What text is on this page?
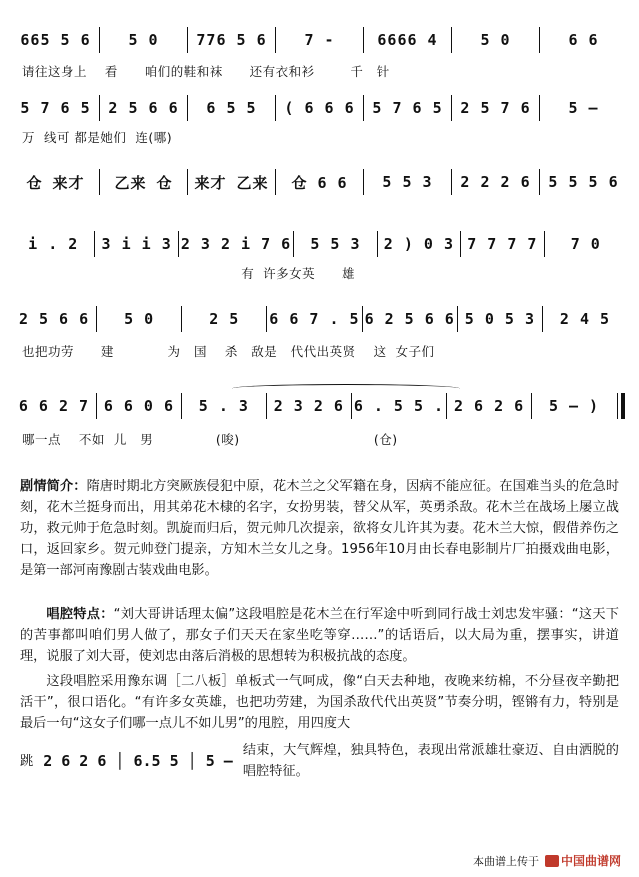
665 5 6	5 0	776 5 6	7 -	6666 4	5 0	6 6
请往这身上    看      咱们的鞋和袜      还有衣和衫        千   针
5 7 6 5	2 5 6 6	6 5 5	( 6 6 6	5 7 6 5	2 5 7 6	5 —
万  线可 都是她们  连(哪)
仓 来才	乙来 仓	来才 乙来	仓 6 6	5 5 3	2 2 2 6	5 5 5 6
i . 2	3 i i 3 2 3 2 i 7 6	5 5 3	2 ) 0 3 7 7 7 7	7 0
有  许多女英      雄
2 5 6 6	5 0	2 5	6 6 7 . 5 6 2 5 6 6 5 0 5 3	2 4 5
也把功劳      建            为   国    杀   敌是   代代出英贤    这  女子们
6 6 2 7 6 6 0 6	5 . 3	2 3 2 6 6 . 5 5 . 2 6 2 6	5 — )
哪一点    不如  儿   男              (唆)                              (仓)
剧情简介：隋唐时期北方突厥族侵犯中原，花木兰之父军籍在身，因病不能应征。在国难当头的危急时刻，花木兰挺身而出，用其弟花木棣的名字，女扮男装，替父从军，英勇杀敌。花木兰在战场上屡立战功，救元帅于危急时刻。凯旋而归后，贺元帅几次提亲，欲将女儿许其为妻。花木兰大惊，假借养伤之口，返回家乡。贺元帅登门提亲，方知木兰女儿之身。1956年10月由长春电影制片厂拍摄戏曲电影，是第一部河南豫剧古装戏曲电影。
唱腔特点：“刘大哥讲话理太偏”这段唱腔是花木兰在行军途中听到同行战士刘忠发牢骚：“这天下的苦事都叫咱们男人做了，那女子们天天在家坐吃等穿……”的话语后，以大局为重，摆事实，讲道理，说服了刘大哥，使刘忠由落后消极的思想转为积极抗战的态度。
这段唱腔采用豫东调［二八板］单板式一气呵成，像“白天去种地，夜晚来纺棉，不分昼夜辛勤把活干”，很口语化。“有许多女英雄，也把功劳建，为国杀敌代代出英贤”节奏分明，铿锵有力，特别是最后一句“这女子们哪一点儿不如儿男”的甩腔，用四度大
跳 2 6 2 6 │ 6.5 5 │ 5 —
结束，大气辉煌，独具特色，表现出常派雄壮豪迈、自由洒脱的唱腔特征。
本曲谱上传于 中国曲谱网
